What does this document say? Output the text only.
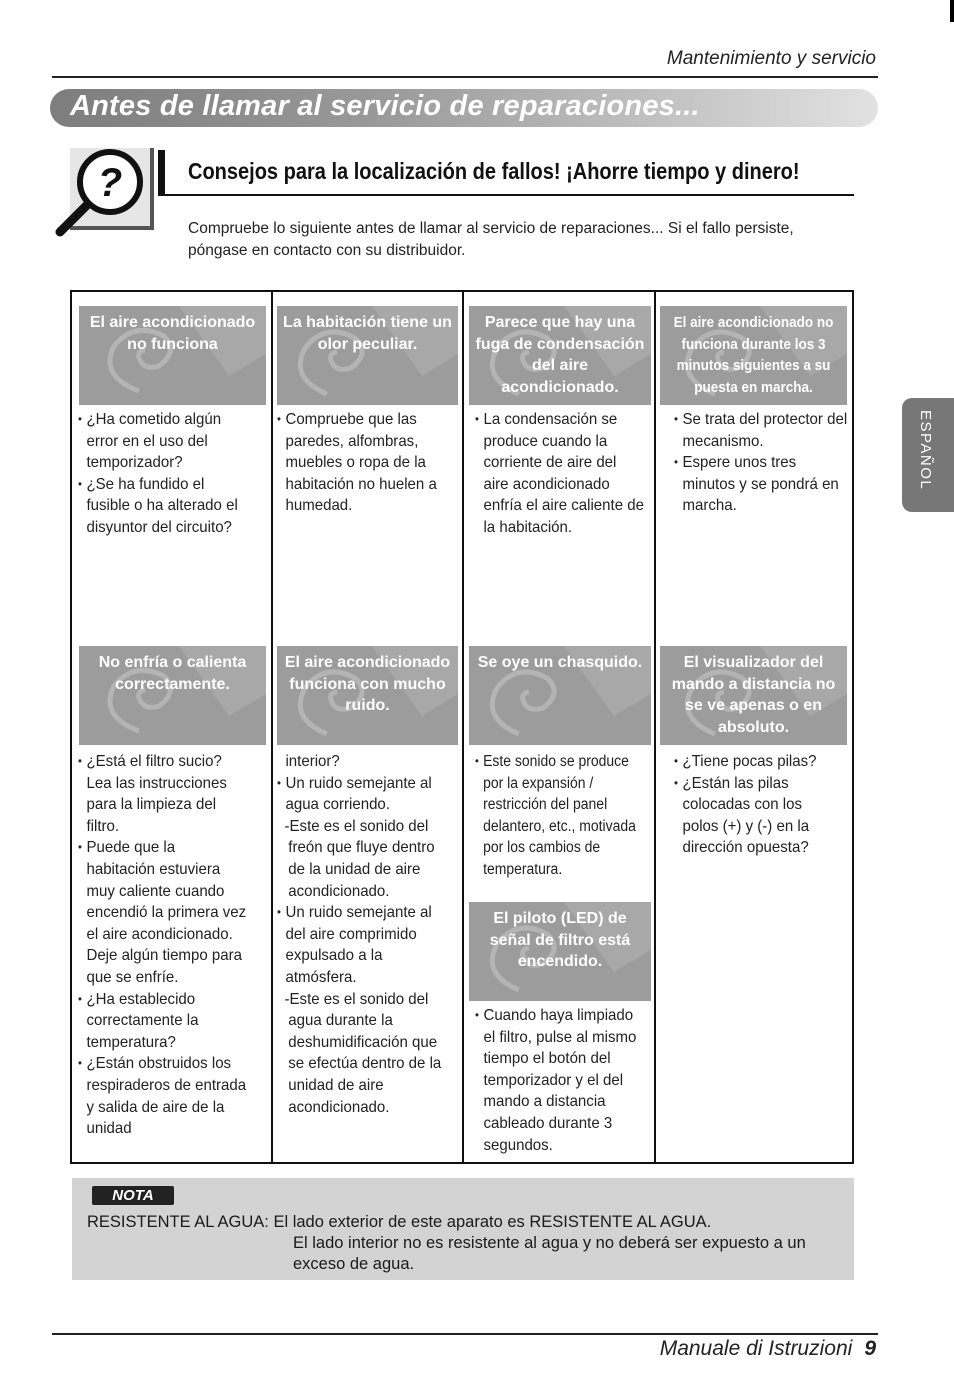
Mantenimiento y servicio
Antes de llamar al servicio de reparaciones...
?	Consejos para la localización de fallos! ¡Ahorre tiempo y dinero!
Compruebe lo siguiente antes de llamar al servicio de reparaciones... Si el fallo persiste, póngase en contacto con su distribuidor.
ESPAÑOL
El aire acondicionado no funciona
La habitación tiene un olor peculiar.
Parece que hay una fuga de condensación del aire acondicionado.
El aire acondicionado no funciona durante los 3 minutos siguientes a su puesta en marcha.
• ¿Ha cometido algún error en el uso del temporizador?
• ¿Se ha fundido el fusible o ha alterado el disyuntor del circuito?
• Compruebe que las paredes, alfombras, muebles o ropa de la habitación no huelen a humedad.
• La condensación se produce cuando la corriente de aire del aire acondicionado enfría el aire caliente de la habitación.
• Se trata del protector del mecanismo.
• Espere unos tres minutos y se pondrá en marcha.
No enfría o calienta correctamente.
El aire acondicionado funciona con mucho ruido.
Se oye un chasquido.	El visualizador del mando a distancia no se ve apenas o en absoluto.
• ¿Está el filtro sucio? Lea las instrucciones para la limpieza del filtro.
• Puede que la habitación estuviera muy caliente cuando encendió la primera vez el aire acondicionado. Deje algún tiempo para que se enfríe.
• ¿Ha establecido correctamente la temperatura?
• ¿Están obstruidos los respiraderos de entrada y salida de aire de la unidad
interior?
• Un ruido semejante al agua corriendo.
-Este es el sonido del freón que fluye dentro de la unidad de aire acondicionado.
• Un ruido semejante al del aire comprimido expulsado a la atmósfera.
-Este es el sonido del agua durante la deshumidificación que se efectúa dentro de la unidad de aire acondicionado.
• Este sonido se produce por la expansión / restricción del panel delantero, etc., motivada por los cambios de temperatura.
El piloto (LED) de señal de filtro está encendido.
• Cuando haya limpiado el filtro, pulse al mismo tiempo el botón del temporizador y el del mando a distancia cableado durante 3 segundos.
• ¿Tiene pocas pilas?
• ¿Están las pilas colocadas con los polos (+) y (-) en la dirección opuesta?
NOTA
RESISTENTE AL AGUA: El lado exterior de este aparato es RESISTENTE AL AGUA.
El lado interior no es resistente al agua y no deberá ser expuesto a un exceso de agua.
Manuale di Istruzioni 9
